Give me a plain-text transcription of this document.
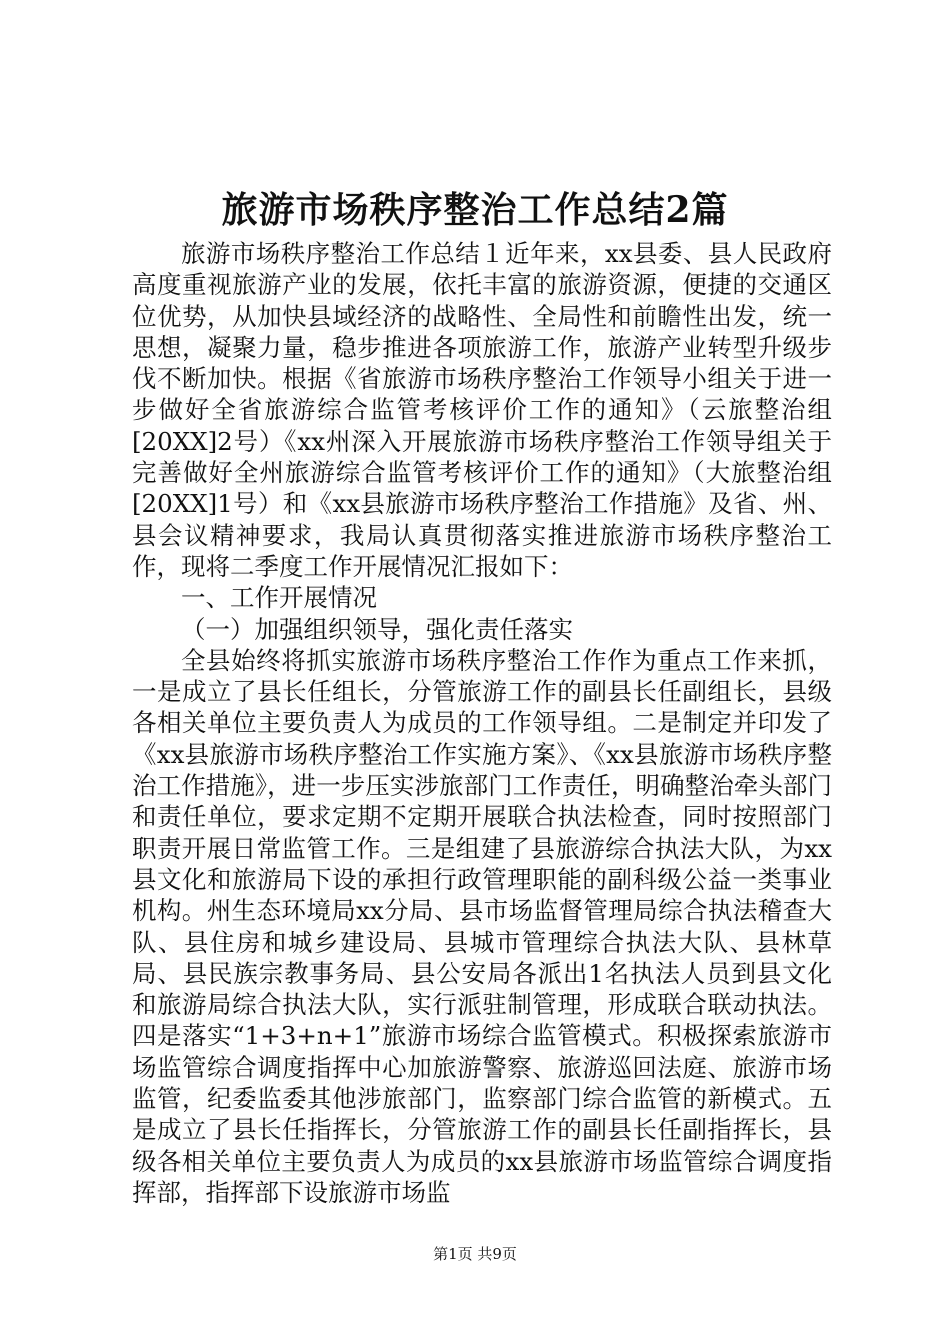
旅游市场秩序整治工作总结2篇

旅游市场秩序整治工作总结１近年来，xx县委、县人民政府高度重视旅游产业的发展，依托丰富的旅游资源，便捷的交通区位优势，从加快县域经济的战略性、全局性和前瞻性出发，统一思想，凝聚力量，稳步推进各项旅游工作，旅游产业转型升级步伐不断加快。根据《省旅游市场秩序整治工作领导小组关于进一步做好全省旅游综合监管考核评价工作的通知》（云旅整治组[20XX]2号）《xx州深入开展旅游市场秩序整治工作领导组关于完善做好全州旅游综合监管考核评价工作的通知》（大旅整治组[20XX]1号）和《xx县旅游市场秩序整治工作措施》及省、州、县会议精神要求，我局认真贯彻落实推进旅游市场秩序整治工作，现将二季度工作开展情况汇报如下：

一、工作开展情况

（一）加强组织领导，强化责任落实

全县始终将抓实旅游市场秩序整治工作作为重点工作来抓，一是成立了县长任组长，分管旅游工作的副县长任副组长，县级各相关单位主要负责人为成员的工作领导组。二是制定并印发了《xx县旅游市场秩序整治工作实施方案》、《xx县旅游市场秩序整治工作措施》，进一步压实涉旅部门工作责任，明确整治牵头部门和责任单位，要求定期不定期开展联合执法检查，同时按照部门职责开展日常监管工作。三是组建了县旅游综合执法大队，为xx县文化和旅游局下设的承担行政管理职能的副科级公益一类事业机构。州生态环境局xx分局、县市场监督管理局综合执法稽查大队、县住房和城乡建设局、县城市管理综合执法大队、县林草局、县民族宗教事务局、县公安局各派出1名执法人员到县文化和旅游局综合执法大队，实行派驻制管理，形成联合联动执法。四是落实“1+3+n+1”旅游市场综合监管模式。积极探索旅游市场监管综合调度指挥中心加旅游警察、旅游巡回法庭、旅游市场监管，纪委监委其他涉旅部门，监察部门综合监管的新模式。五是成立了县长任指挥长，分管旅游工作的副县长任副指挥长，县级各相关单位主要负责人为成员的xx县旅游市场监管综合调度指挥部，指挥部下设旅游市场监

第1页 共9页
